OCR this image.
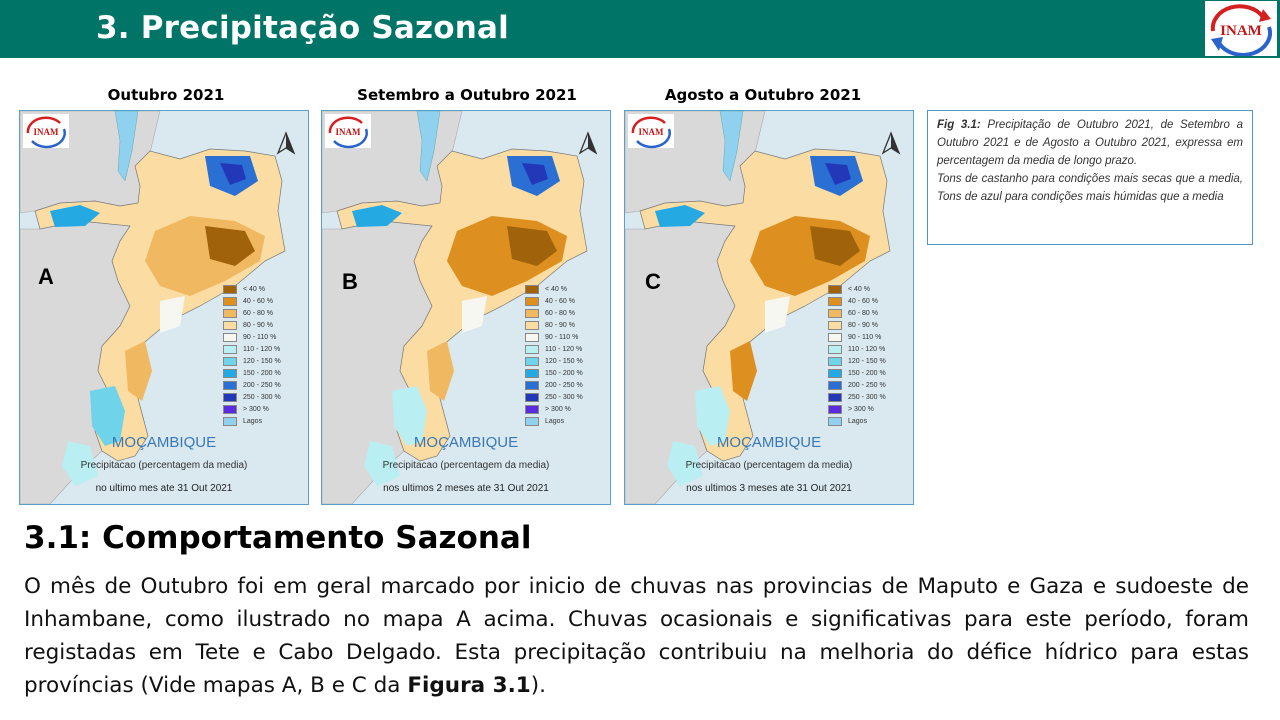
3. Precipitação Sazonal	INAM
Outubro 2021	Setembro a Outubro 2021	Agosto a Outubro 2021
INAM
A	< 40 %
40 - 60 %
60 - 80 %
80 - 90 %
90 - 110 %
110 - 120 %
120 - 150 %
150 - 200 %
200 - 250 %
250 - 300 %
> 300 %
Lagos
MOÇAMBIQUE
Precipitacao (percentagem da media)
no ultimo mes ate 31 Out 2021
INAM
B	< 40 %
40 - 60 %
60 - 80 %
80 - 90 %
90 - 110 %
110 - 120 %
120 - 150 %
150 - 200 %
200 - 250 %
250 - 300 %
> 300 %
Lagos
MOÇAMBIQUE
Precipitacao (percentagem da media)
nos ultimos 2 meses ate 31 Out 2021
INAM
C	< 40 %
40 - 60 %
60 - 80 %
80 - 90 %
90 - 110 %
110 - 120 %
120 - 150 %
150 - 200 %
200 - 250 %
250 - 300 %
> 300 %
Lagos
MOÇAMBIQUE
Precipitacao (percentagem da media)
nos ultimos 3 meses ate 31 Out 2021
Fig 3.1: Precipitação de Outubro 2021, de Setembro a Outubro 2021 e de Agosto a Outubro 2021, expressa em percentagem da media de longo prazo.
Tons de castanho para condições mais secas que a media, Tons de azul para condições mais húmidas que a media
3.1: Comportamento Sazonal
O mês de Outubro foi em geral marcado por inicio de chuvas nas provincias de Maputo e Gaza e sudoeste de Inhambane, como ilustrado no mapa A acima. Chuvas ocasionais e significativas para este período, foram registadas em Tete e Cabo Delgado. Esta precipitação contribuiu na melhoria do défice hídrico para estas províncias (Vide mapas A, B e C da Figura 3.1).
